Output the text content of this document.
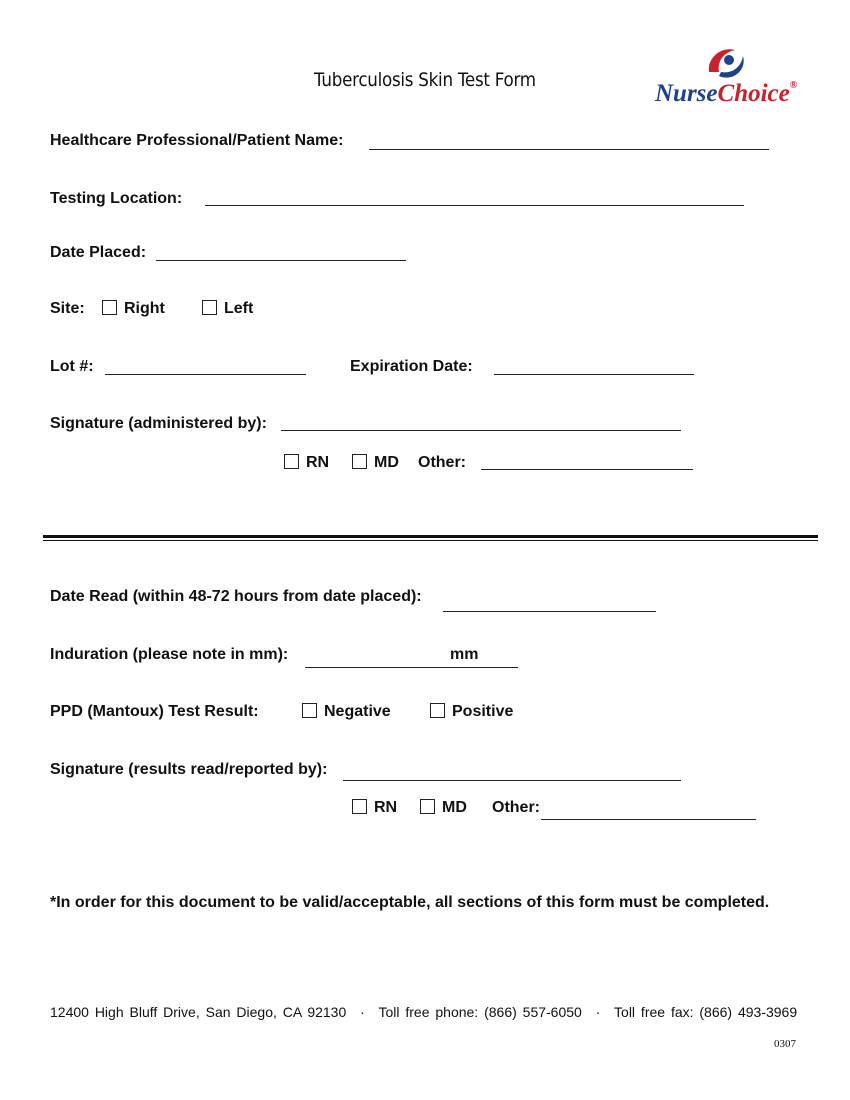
Tuberculosis Skin Test Form	NurseChoice®
Healthcare Professional/Patient Name:
Testing Location:
Date Placed:
Site: Right	Left
Lot #:	Expiration Date:
Signature (administered by):
RN	MD Other:
Date Read (within 48-72 hours from date placed):
Induration (please note in mm):	mm
PPD (Mantoux) Test Result:	Negative	Positive
Signature (results read/reported by):
RN	MD Other:
*In order for this document to be valid/acceptable, all sections of this form must be completed.
12400 High Bluff Drive, San Diego, CA 92130 · Toll free phone: (866) 557-6050 · Toll free fax: (866) 493-3969
0307
